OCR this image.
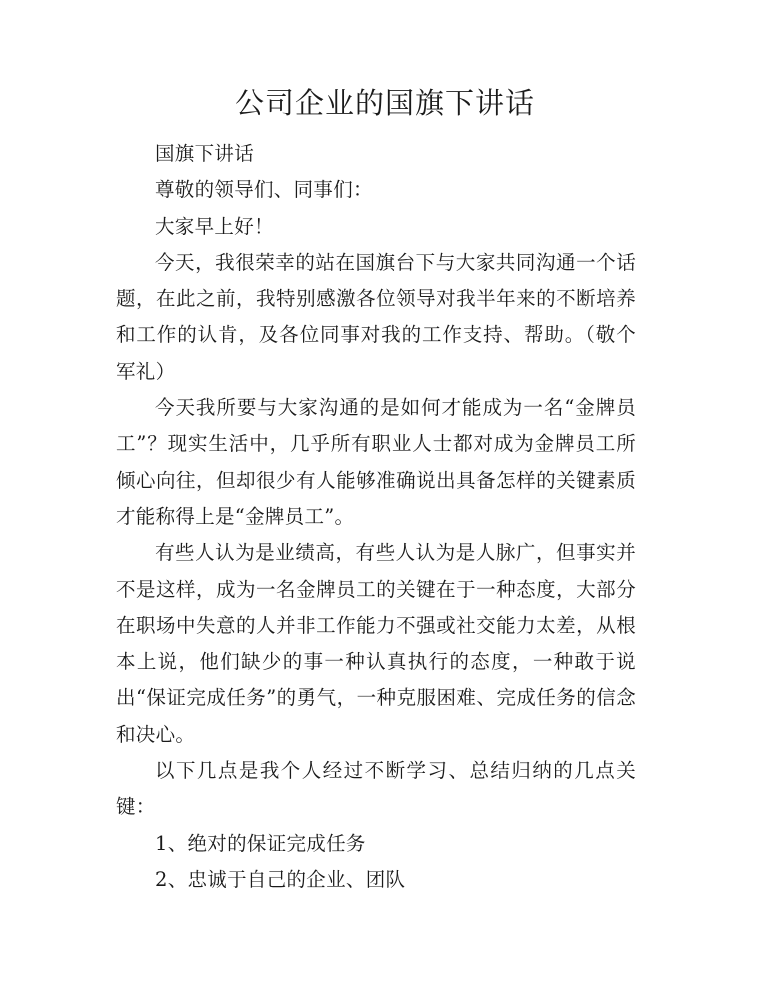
公司企业的国旗下讲话

国旗下讲话

尊敬的领导们、同事们：

大家早上好！

今天，我很荣幸的站在国旗台下与大家共同沟通一个话题，在此之前，我特别感激各位领导对我半年来的不断培养和工作的认肯，及各位同事对我的工作支持、帮助。（敬个军礼）

今天我所要与大家沟通的是如何才能成为一名“金牌员工”？现实生活中，几乎所有职业人士都对成为金牌员工所倾心向往，但却很少有人能够准确说出具备怎样的关键素质才能称得上是“金牌员工”。

有些人认为是业绩高，有些人认为是人脉广，但事实并不是这样，成为一名金牌员工的关键在于一种态度，大部分在职场中失意的人并非工作能力不强或社交能力太差，从根本上说，他们缺少的事一种认真执行的态度，一种敢于说出“保证完成任务”的勇气，一种克服困难、完成任务的信念和决心。

以下几点是我个人经过不断学习、总结归纳的几点关键：

1、绝对的保证完成任务

2、忠诚于自己的企业、团队
